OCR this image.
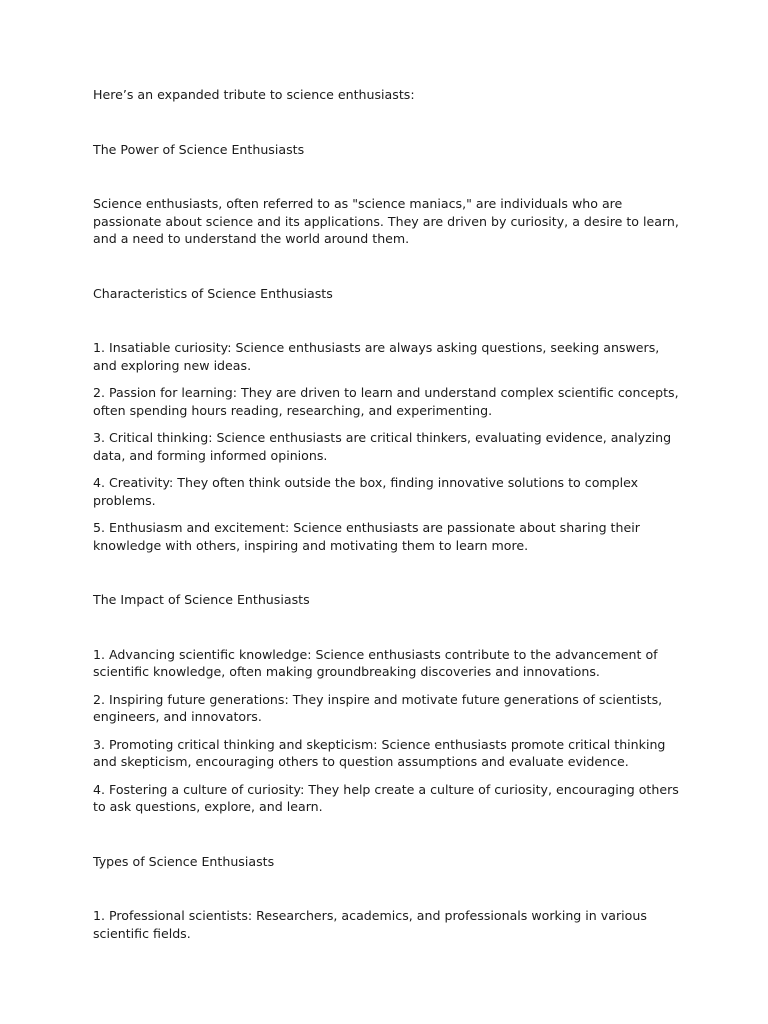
Here’s an expanded tribute to science enthusiasts:

The Power of Science Enthusiasts

Science enthusiasts, often referred to as "science maniacs," are individuals who are passionate about science and its applications. They are driven by curiosity, a desire to learn, and a need to understand the world around them.

Characteristics of Science Enthusiasts

1. Insatiable curiosity: Science enthusiasts are always asking questions, seeking answers, and exploring new ideas.

2. Passion for learning: They are driven to learn and understand complex scientific concepts, often spending hours reading, researching, and experimenting.

3. Critical thinking: Science enthusiasts are critical thinkers, evaluating evidence, analyzing data, and forming informed opinions.

4. Creativity: They often think outside the box, finding innovative solutions to complex problems.

5. Enthusiasm and excitement: Science enthusiasts are passionate about sharing their knowledge with others, inspiring and motivating them to learn more.

The Impact of Science Enthusiasts

1. Advancing scientific knowledge: Science enthusiasts contribute to the advancement of scientific knowledge, often making groundbreaking discoveries and innovations.

2. Inspiring future generations: They inspire and motivate future generations of scientists, engineers, and innovators.

3. Promoting critical thinking and skepticism: Science enthusiasts promote critical thinking and skepticism, encouraging others to question assumptions and evaluate evidence.

4. Fostering a culture of curiosity: They help create a culture of curiosity, encouraging others to ask questions, explore, and learn.

Types of Science Enthusiasts

1. Professional scientists: Researchers, academics, and professionals working in various scientific fields.
